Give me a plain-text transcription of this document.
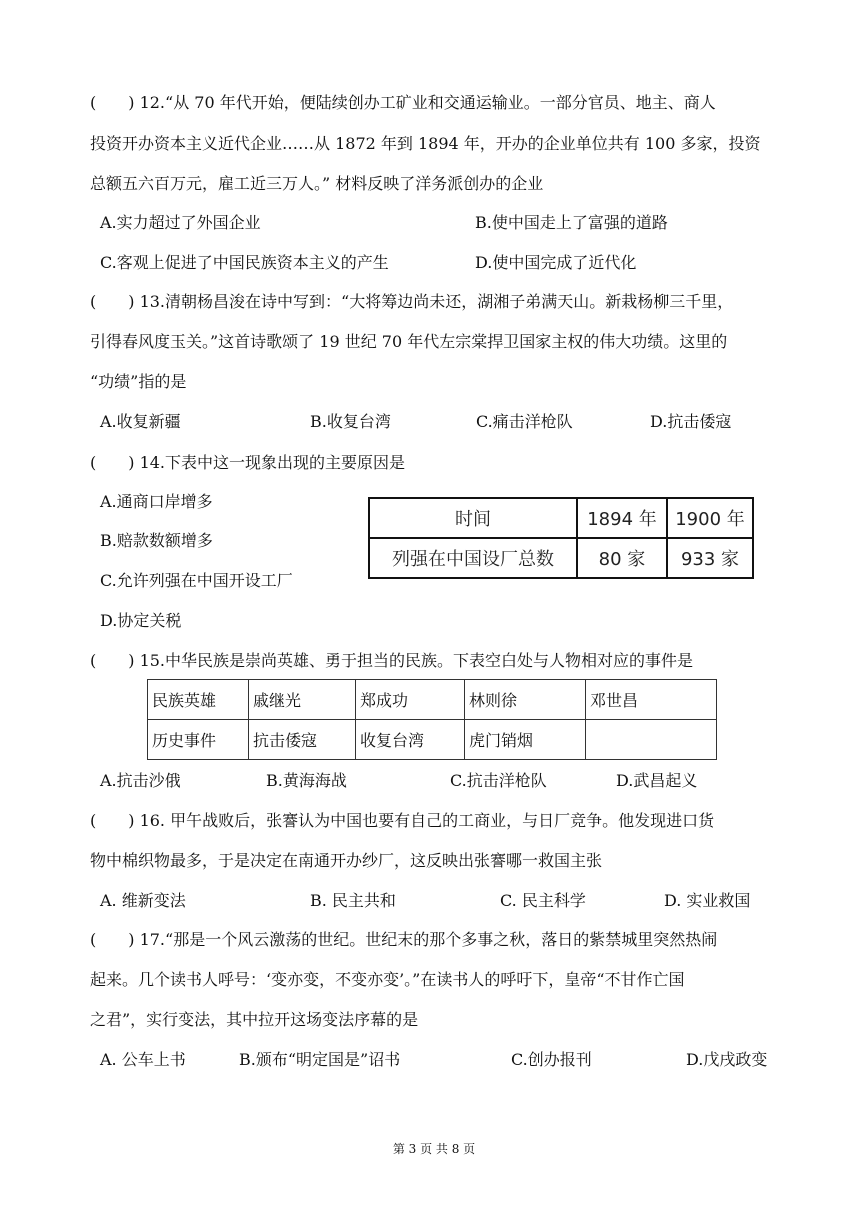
(　　) 12.“从 70 年代开始，便陆续创办工矿业和交通运输业。一部分官员、地主、商人
投资开办资本主义近代企业……从 1872 年到 1894 年，开办的企业单位共有 100 多家，投资
总额五六百万元，雇工近三万人。” 材料反映了洋务派创办的企业
A.实力超过了外国企业	B.使中国走上了富强的道路
C.客观上促进了中国民族资本主义的产生	D.使中国完成了近代化
(　　) 13.清朝杨昌浚在诗中写到：“大将筹边尚未还，湖湘子弟满天山。新栽杨柳三千里，
引得春风度玉关。”这首诗歌颂了 19 世纪 70 年代左宗棠捍卫国家主权的伟大功绩。这里的
“功绩”指的是
A.收复新疆	B.收复台湾	C.痛击洋枪队	D.抗击倭寇
(　　) 14.下表中这一现象出现的主要原因是
A.通商口岸增多
B.赔款数额增多
C.允许列强在中国开设工厂
D.协定关税
时间	1894 年	1900 年
列强在中国设厂总数	80 家	933 家
(　　) 15.中华民族是崇尚英雄、勇于担当的民族。下表空白处与人物相对应的事件是
民族英雄	戚继光	郑成功	林则徐	邓世昌
历史事件	抗击倭寇	收复台湾	虎门销烟	
A.抗击沙俄	B.黄海海战	C.抗击洋枪队	D.武昌起义
(　　) 16. 甲午战败后，张謇认为中国也要有自己的工商业，与日厂竞争。他发现进口货
物中棉织物最多，于是决定在南通开办纱厂，这反映出张謇哪一救国主张
A. 维新变法	B. 民主共和	C. 民主科学	D. 实业救国
(　　) 17.“那是一个风云激荡的世纪。世纪末的那个多事之秋，落日的紫禁城里突然热闹
起来。几个读书人呼号：‘变亦变，不变亦变’。”在读书人的呼吁下，皇帝“不甘作亡国
之君”，实行变法，其中拉开这场变法序幕的是
A. 公车上书	B.颁布“明定国是”诏书	C.创办报刊	D.戊戌政变
第 3 页 共 8 页
